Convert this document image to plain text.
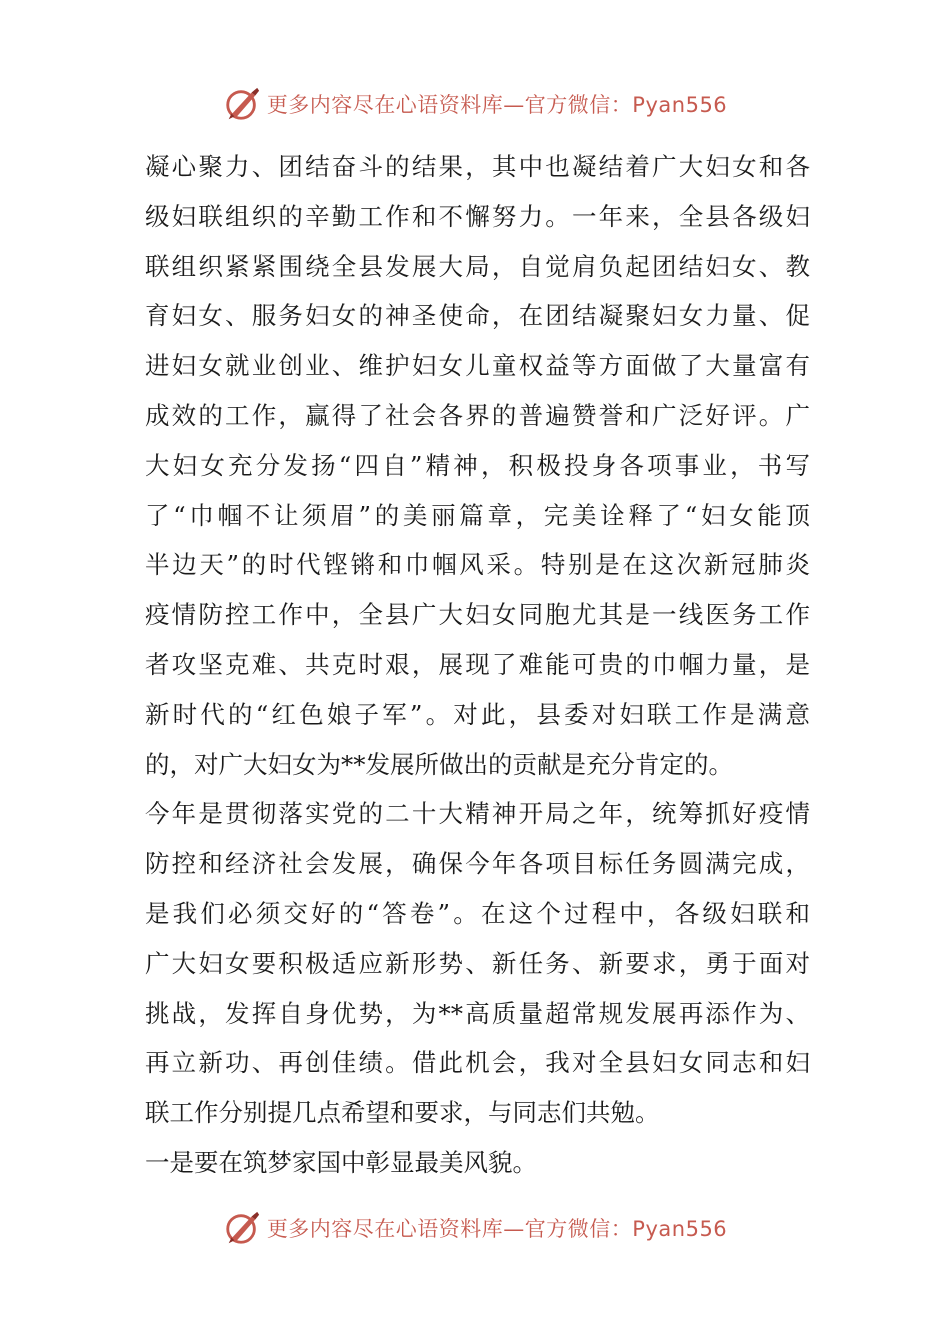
更多内容尽在心语资料库—官方微信：Pyan556
凝心聚力、团结奋斗的结果，其中也凝结着广大妇女和各
级妇联组织的辛勤工作和不懈努力。一年来，全县各级妇
联组织紧紧围绕全县发展大局，自觉肩负起团结妇女、教
育妇女、服务妇女的神圣使命，在团结凝聚妇女力量、促
进妇女就业创业、维护妇女儿童权益等方面做了大量富有
成效的工作，赢得了社会各界的普遍赞誉和广泛好评。广
大妇女充分发扬“四自”精神，积极投身各项事业，书写
了“巾帼不让须眉”的美丽篇章，完美诠释了“妇女能顶
半边天”的时代铿锵和巾帼风采。特别是在这次新冠肺炎
疫情防控工作中，全县广大妇女同胞尤其是一线医务工作
者攻坚克难、共克时艰，展现了难能可贵的巾帼力量，是
新时代的“红色娘子军”。对此，县委对妇联工作是满意
的，对广大妇女为**发展所做出的贡献是充分肯定的。
今年是贯彻落实党的二十大精神开局之年，统筹抓好疫情
防控和经济社会发展，确保今年各项目标任务圆满完成，
是我们必须交好的“答卷”。在这个过程中，各级妇联和
广大妇女要积极适应新形势、新任务、新要求，勇于面对
挑战，发挥自身优势，为**高质量超常规发展再添作为、
再立新功、再创佳绩。借此机会，我对全县妇女同志和妇
联工作分别提几点希望和要求，与同志们共勉。
一是要在筑梦家国中彰显最美风貌。
更多内容尽在心语资料库—官方微信：Pyan556
